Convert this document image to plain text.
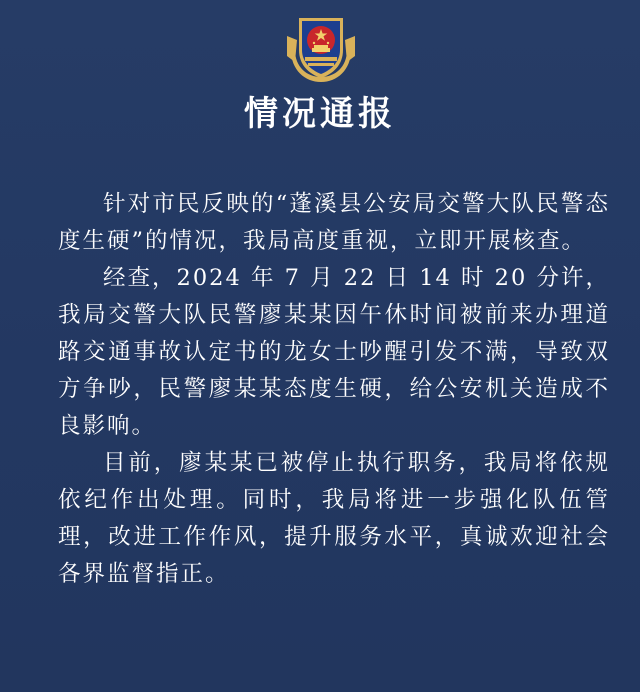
情况通报

针对市民反映的“蓬溪县公安局交警大队民警态度生硬”的情况，我局高度重视，立即开展核查。

经查，2024 年 7 月 22 日 14 时 20 分许，我局交警大队民警廖某某因午休时间被前来办理道路交通事故认定书的龙女士吵醒引发不满，导致双方争吵，民警廖某某态度生硬，给公安机关造成不良影响。

目前，廖某某已被停止执行职务，我局将依规依纪作出处理。同时，我局将进一步强化队伍管理，改进工作作风，提升服务水平，真诚欢迎社会各界监督指正。
